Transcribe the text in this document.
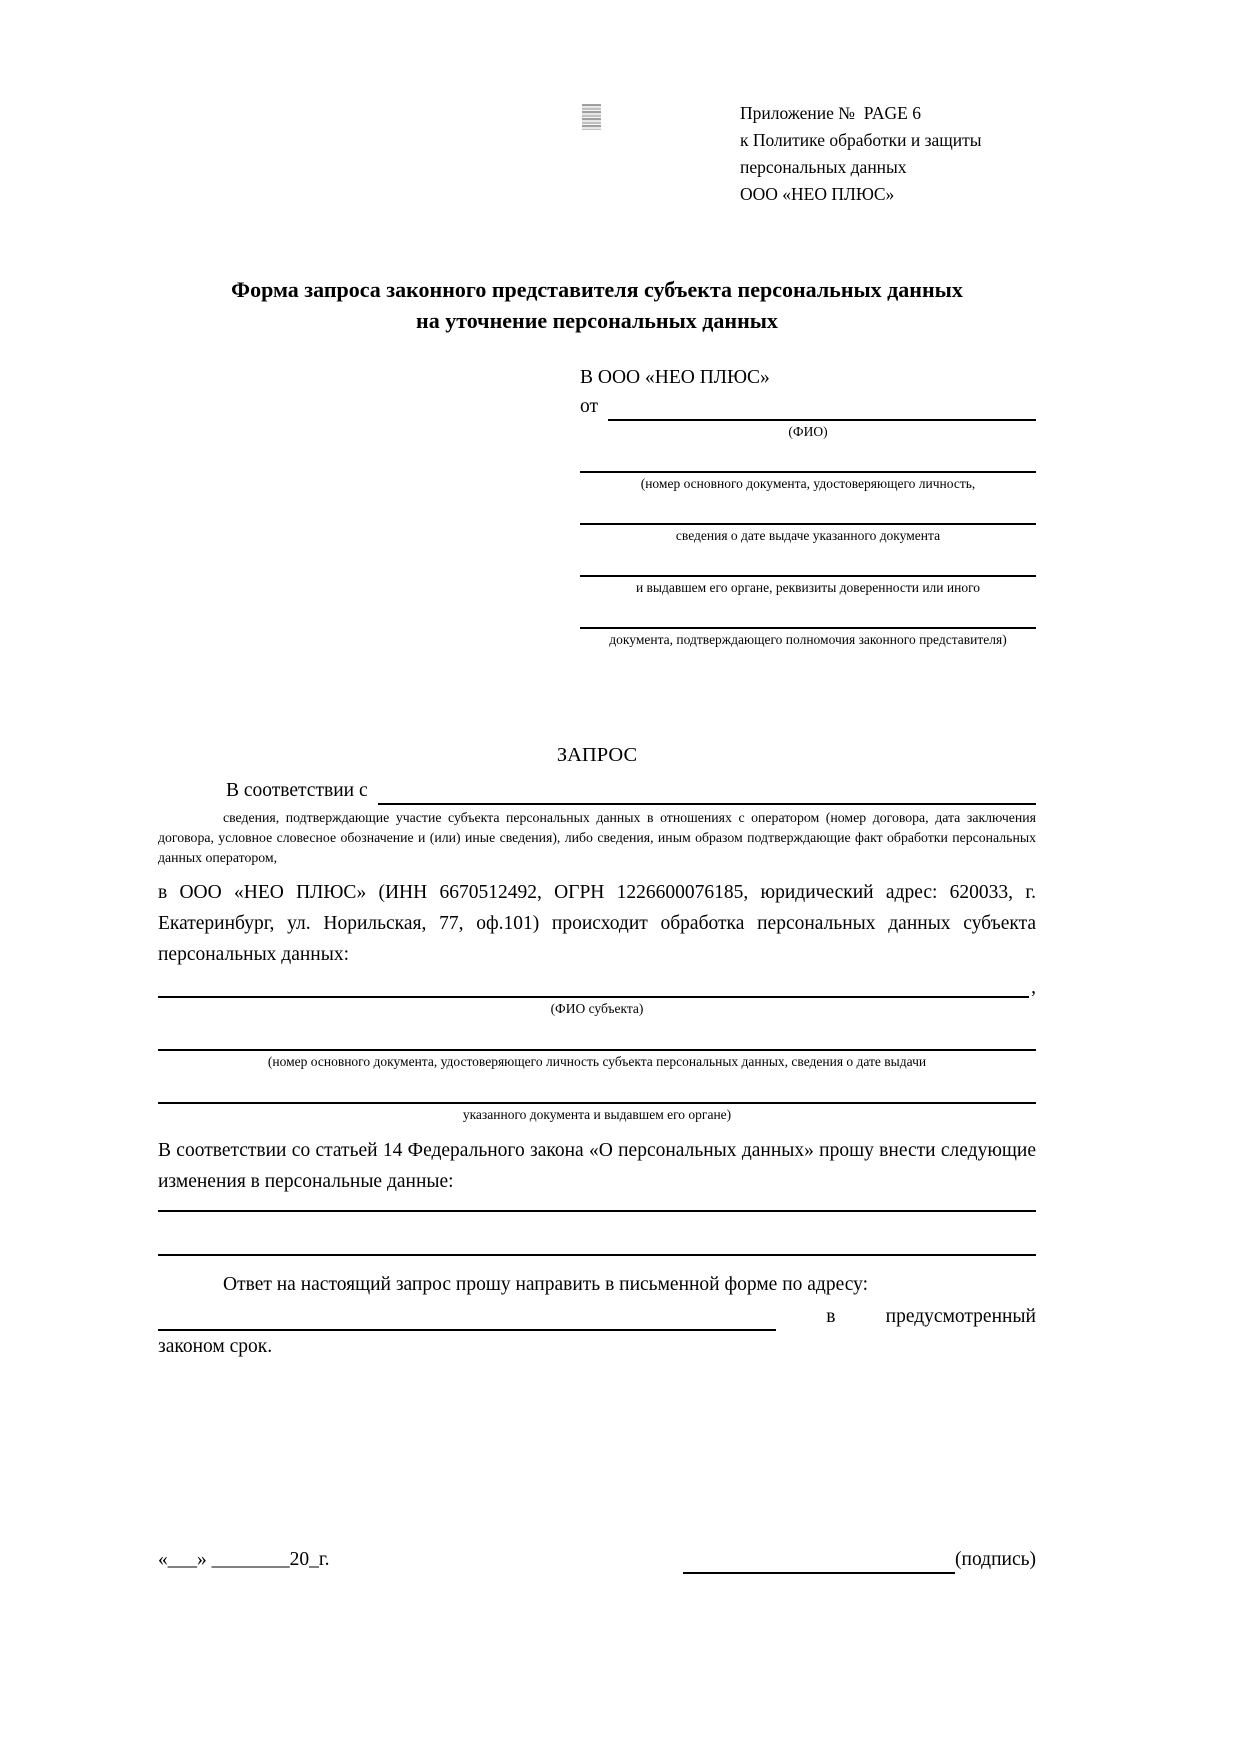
Приложение №  PAGE 6
к Политике обработки и защиты
персональных данных
ООО «НЕО ПЛЮС»
Форма запроса законного представителя субъекта персональных данных
на уточнение персональных данных
В ООО «НЕО ПЛЮС»
от
(ФИО)
(номер основного документа, удостоверяющего личность,
сведения о дате выдаче указанного документа
и выдавшем его органе, реквизиты доверенности или иного
документа, подтверждающего полномочия законного представителя)
ЗАПРОС
В соответствии с
сведения, подтверждающие участие субъекта персональных данных в отношениях с оператором (номер договора, дата заключения договора, условное словесное обозначение и (или) иные сведения), либо сведения, иным образом подтверждающие факт обработки персональных данных оператором,
в ООО «НЕО ПЛЮС» (ИНН 6670512492, ОГРН 1226600076185, юридический адрес: 620033, г. Екатеринбург, ул. Норильская, 77, оф.101) происходит обработка персональных данных субъекта персональных данных:
,
(ФИО субъекта)
(номер основного документа, удостоверяющего личность субъекта персональных данных, сведения о дате выдачи
указанного документа и выдавшем его органе)
В соответствии со статьей 14 Федерального закона «О персональных данных» прошу внести следующие изменения в персональные данные:
Ответ на настоящий запрос прошу направить в письменной форме по адресу:
в	предусмотренный
законом срок.
«___» ________20_г.	(подпись)
